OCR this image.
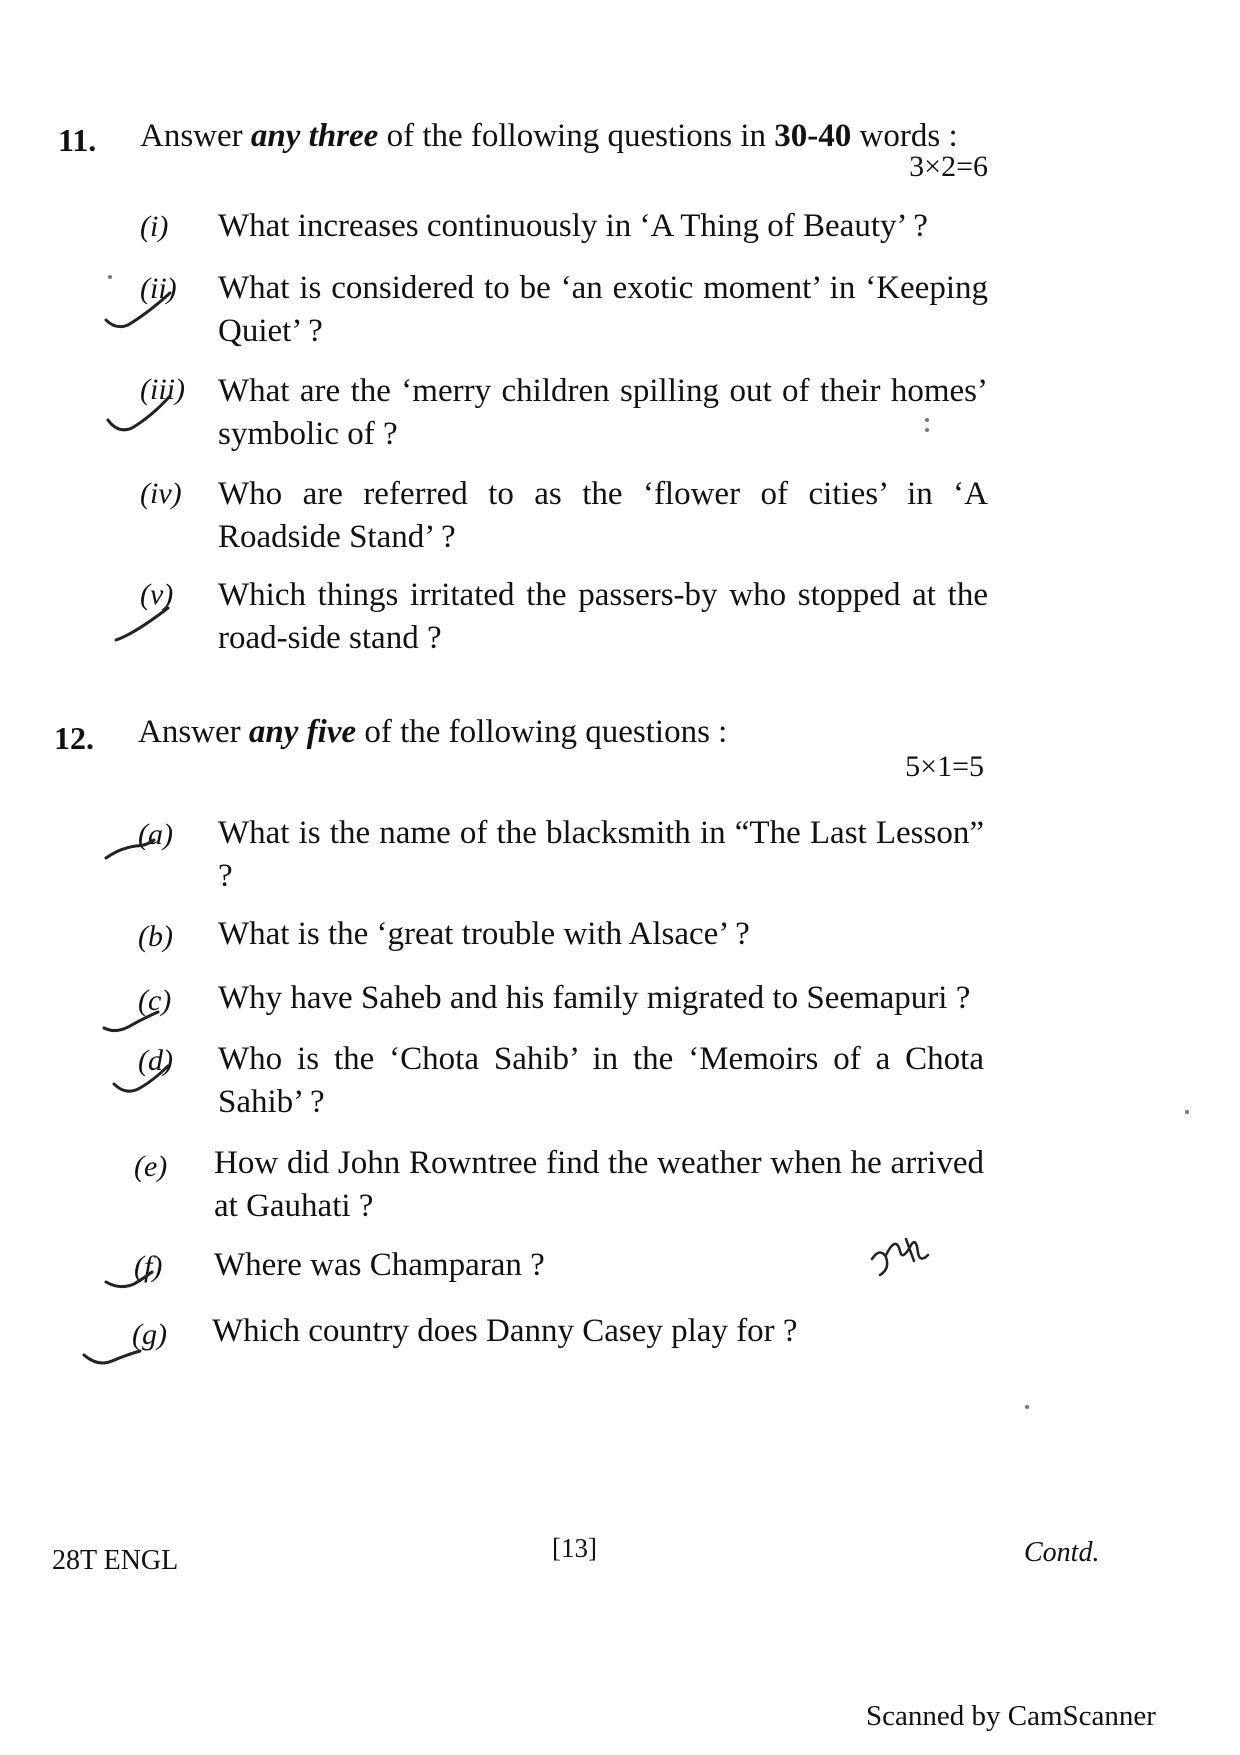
11. Answer any three of the following questions in 30-40 words :
3×2=6
(i) What increases continuously in ‘A Thing of Beauty’ ?
(ii) What is considered to be ‘an exotic moment’ in ‘Keeping Quiet’ ?
(iii) What are the ‘merry children spilling out of their homes’ symbolic of ?
(iv) Who are referred to as the ‘flower of cities’ in ‘A Roadside Stand’ ?
(v) Which things irritated the passers-by who stopped at the road-side stand ?
12. Answer any five of the following questions :
5×1=5
(a) What is the name of the blacksmith in “The Last Lesson” ?
(b) What is the ‘great trouble with Alsace’ ?
(c) Why have Saheb and his family migrated to Seemapuri ?
(d) Who is the ‘Chota Sahib’ in the ‘Memoirs of a Chota Sahib’ ?
(e) How did John Rowntree find the weather when he arrived at Gauhati ?
(f) Where was Champaran ?
(g) Which country does Danny Casey play for ?
28T ENGL	[13]	Contd.
Scanned by CamScanner
